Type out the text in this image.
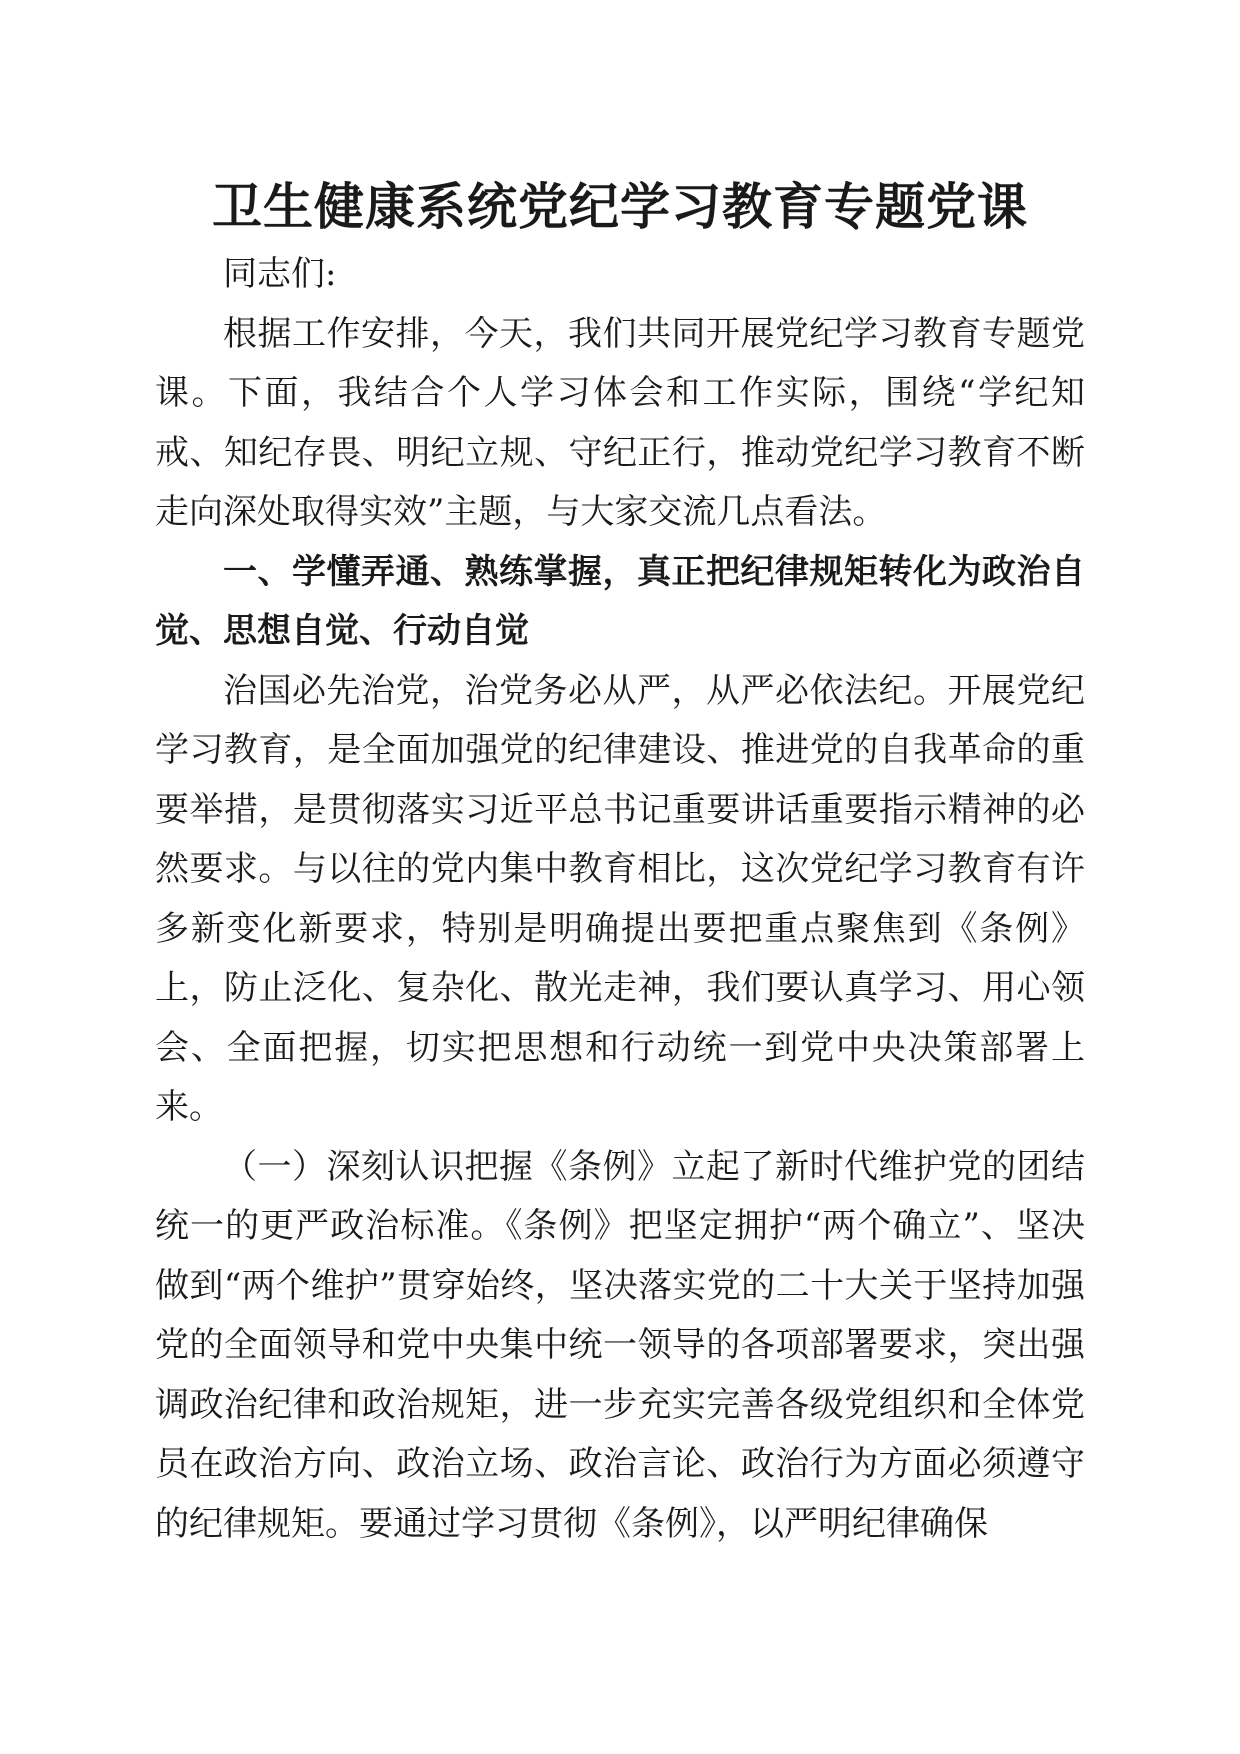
卫生健康系统党纪学习教育专题党课

同志们:

根据工作安排，今天，我们共同开展党纪学习教育专题党课。下面，我结合个人学习体会和工作实际，围绕“学纪知戒、知纪存畏、明纪立规、守纪正行，推动党纪学习教育不断走向深处取得实效”主题，与大家交流几点看法。

一、学懂弄通、熟练掌握，真正把纪律规矩转化为政治自觉、思想自觉、行动自觉

治国必先治党，治党务必从严，从严必依法纪。开展党纪学习教育，是全面加强党的纪律建设、推进党的自我革命的重要举措，是贯彻落实习近平总书记重要讲话重要指示精神的必然要求。与以往的党内集中教育相比，这次党纪学习教育有许多新变化新要求，特别是明确提出要把重点聚焦到《条例》上，防止泛化、复杂化、散光走神，我们要认真学习、用心领会、全面把握，切实把思想和行动统一到党中央决策部署上来。

（一）深刻认识把握《条例》立起了新时代维护党的团结统一的更严政治标准。《条例》把坚定拥护“两个确立”、坚决做到“两个维护”贯穿始终，坚决落实党的二十大关于坚持加强党的全面领导和党中央集中统一领导的各项部署要求，突出强调政治纪律和政治规矩，进一步充实完善各级党组织和全体党员在政治方向、政治立场、政治言论、政治行为方面必须遵守的纪律规矩。要通过学习贯彻《条例》，以严明纪律确保
